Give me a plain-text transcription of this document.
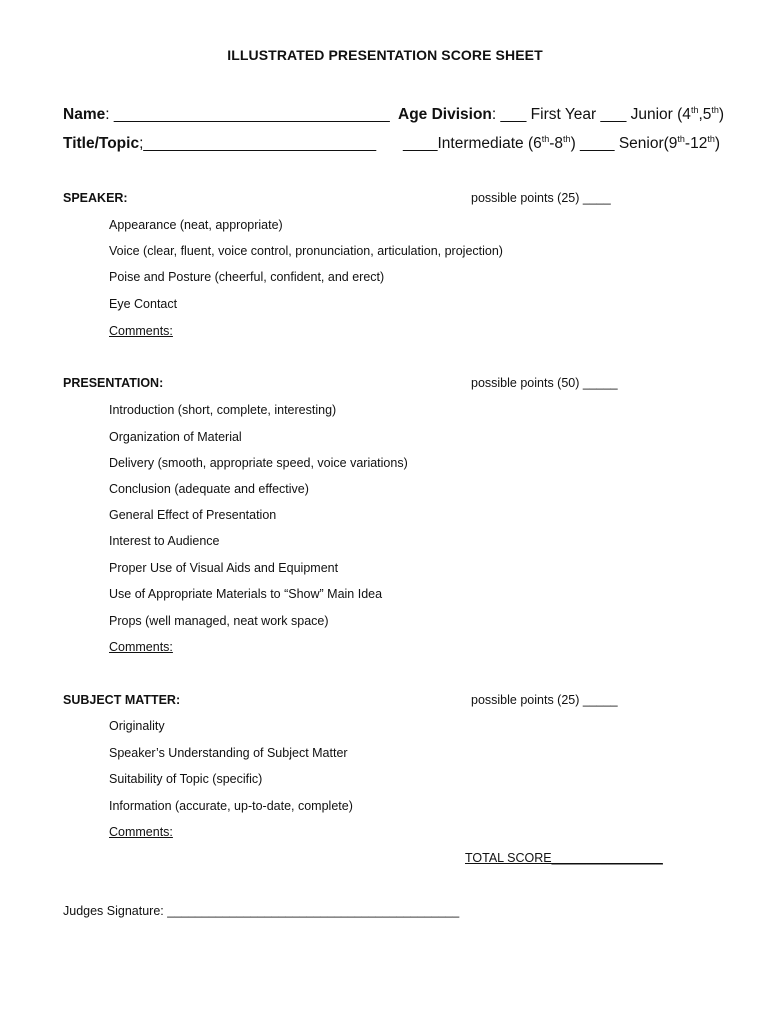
ILLUSTRATED PRESENTATION SCORE SHEET
Name: ________________________________ Age Division: ___ First Year ___ Junior (4th,5th)
Title/Topic;___________________________ ____Intermediate (6th-8th) ____ Senior(9th-12th)
SPEAKER:	possible points (25) ____
Appearance (neat, appropriate)
Voice (clear, fluent, voice control, pronunciation, articulation, projection)
Poise and Posture (cheerful, confident, and erect)
Eye Contact
Comments:
PRESENTATION:	possible points (50) _____
Introduction (short, complete, interesting)
Organization of Material
Delivery (smooth, appropriate speed, voice variations)
Conclusion (adequate and effective)
General Effect of Presentation
Interest to Audience
Proper Use of Visual Aids and Equipment
Use of Appropriate Materials to “Show” Main Idea
Props (well managed, neat work space)
Comments:
SUBJECT MATTER:	possible points (25) _____
Originality
Speaker’s Understanding of Subject Matter
Suitability of Topic (specific)
Information (accurate, up-to-date, complete)
Comments:
TOTAL SCORE________________
Judges Signature: __________________________________________
